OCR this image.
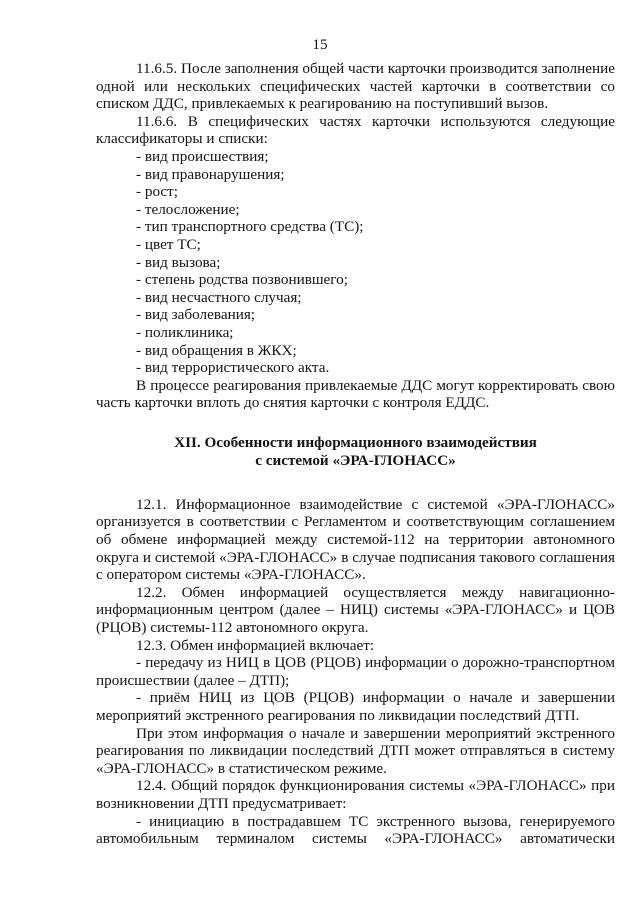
15

11.6.5. После заполнения общей части карточки производится заполнение одной или нескольких специфических частей карточки в соответствии со списком ДДС, привлекаемых к реагированию на поступивший вызов.

11.6.6. В специфических частях карточки используются следующие классификаторы и списки:

- вид происшествия;

- вид правонарушения;

- рост;

- телосложение;

- тип транспортного средства (ТС);

- цвет ТС;

- вид вызова;

- степень родства позвонившего;

- вид несчастного случая;

- вид заболевания;

- поликлиника;

- вид обращения в ЖКХ;

- вид террористического акта.

В процессе реагирования привлекаемые ДДС могут корректировать свою часть карточки вплоть до снятия карточки с контроля ЕДДС.

XII. Особенности информационного взаимодействия
с системой «ЭРА-ГЛОНАСС»

12.1. Информационное взаимодействие с системой «ЭРА-ГЛОНАСС» организуется в соответствии с Регламентом и соответствующим соглашением об обмене информацией между системой-112 на территории автономного округа и системой «ЭРА-ГЛОНАСС» в случае подписания такового соглашения с оператором системы «ЭРА-ГЛОНАСС».

12.2. Обмен информацией осуществляется между навигационно-информационным центром (далее – НИЦ) системы «ЭРА-ГЛОНАСС» и ЦОВ (РЦОВ) системы-112 автономного округа.

12.3. Обмен информацией включает:

- передачу из НИЦ в ЦОВ (РЦОВ) информации о дорожно-транспортном происшествии (далее – ДТП);

- приём НИЦ из ЦОВ (РЦОВ) информации о начале и завершении мероприятий экстренного реагирования по ликвидации последствий ДТП.

При этом информация о начале и завершении мероприятий экстренного реагирования по ликвидации последствий ДТП может отправляться в систему «ЭРА-ГЛОНАСС» в статистическом режиме.

12.4. Общий порядок функционирования системы «ЭРА-ГЛОНАСС» при возникновении ДТП предусматривает:

- инициацию в пострадавшем ТС экстренного вызова, генерируемого автомобильным терминалом системы «ЭРА-ГЛОНАСС» автоматически
